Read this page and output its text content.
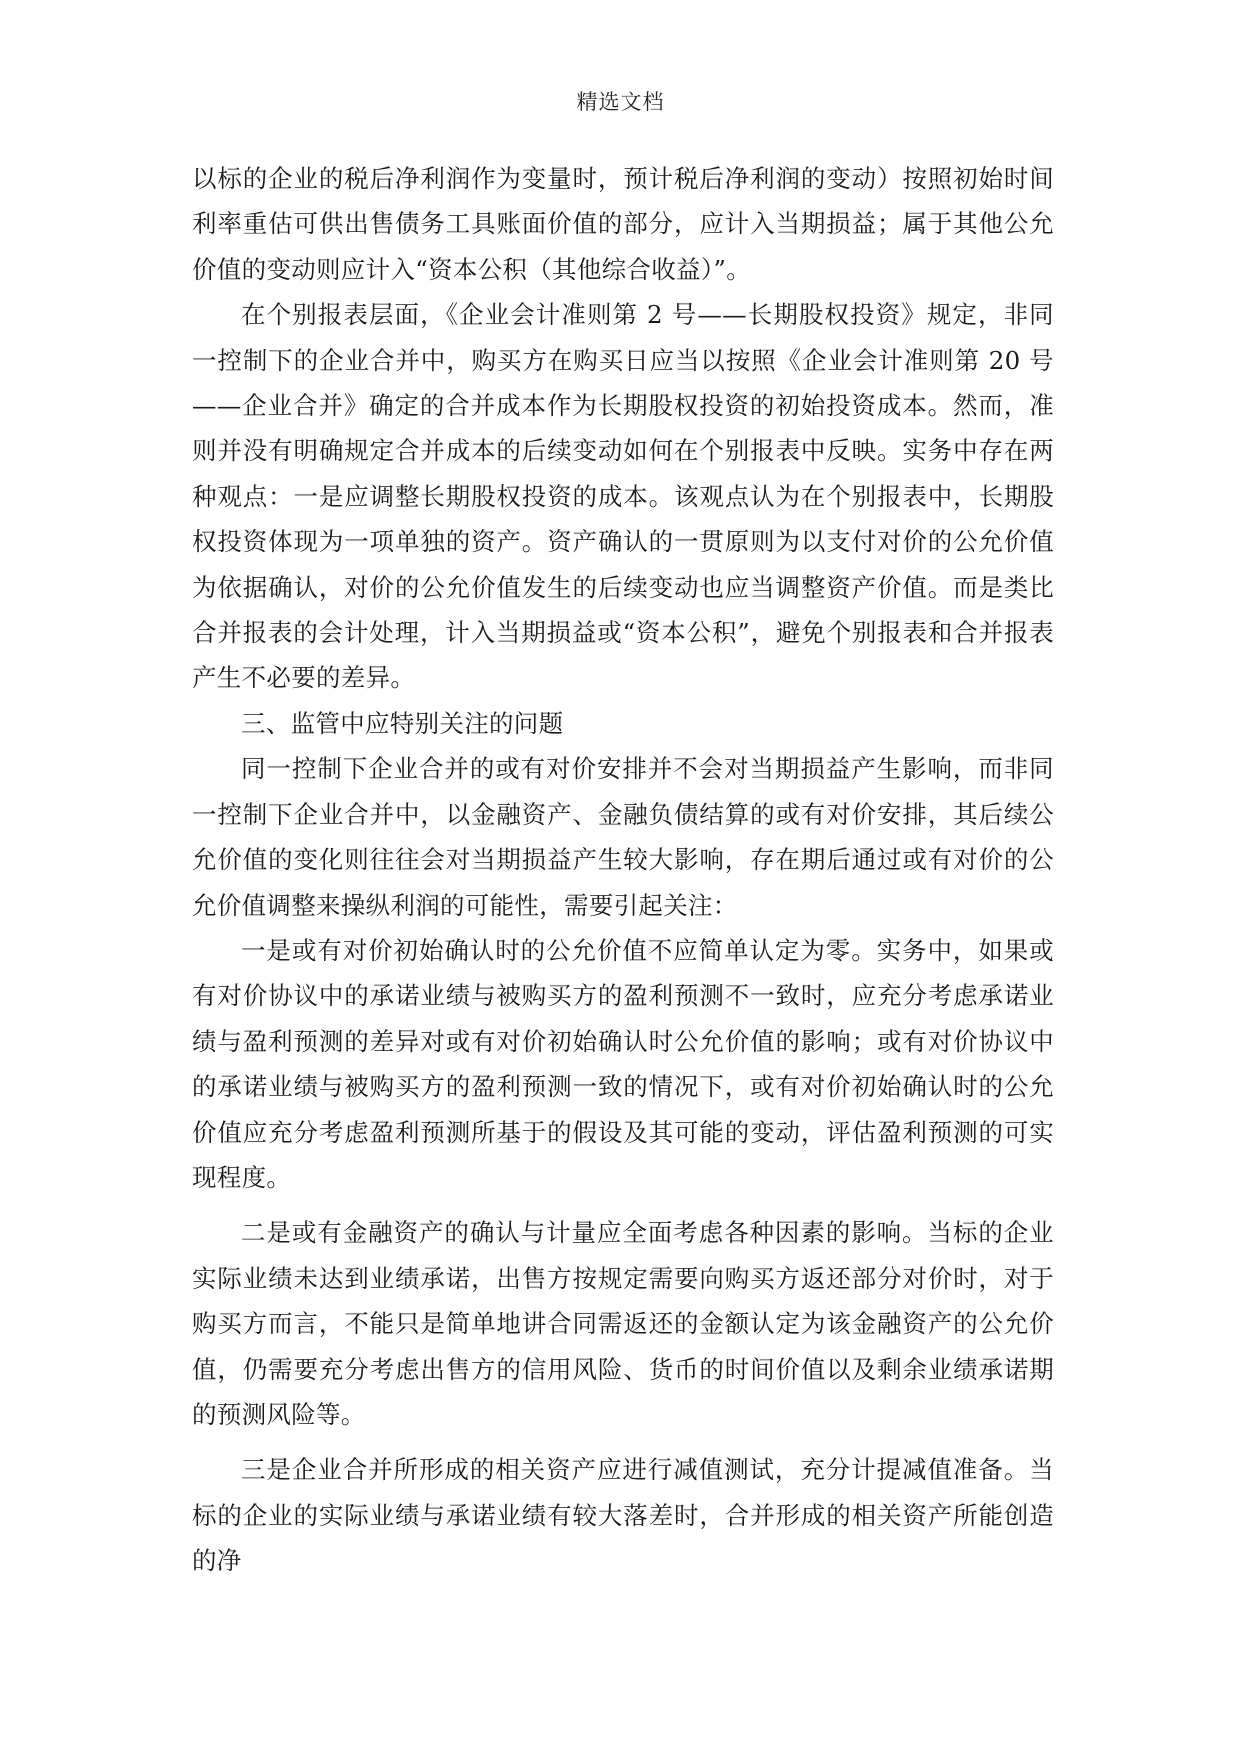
精选文档

以标的企业的税后净利润作为变量时，预计税后净利润的变动）按照初始时间利率重估可供出售债务工具账面价值的部分，应计入当期损益；属于其他公允价值的变动则应计入“资本公积（其他综合收益）”。

在个别报表层面，《企业会计准则第 2 号——长期股权投资》规定，非同一控制下的企业合并中，购买方在购买日应当以按照《企业会计准则第 20 号——企业合并》确定的合并成本作为长期股权投资的初始投资成本。然而，准则并没有明确规定合并成本的后续变动如何在个别报表中反映。实务中存在两种观点：一是应调整长期股权投资的成本。该观点认为在个别报表中，长期股权投资体现为一项单独的资产。资产确认的一贯原则为以支付对价的公允价值为依据确认，对价的公允价值发生的后续变动也应当调整资产价值。而是类比合并报表的会计处理，计入当期损益或“资本公积”，避免个别报表和合并报表产生不必要的差异。

三、监管中应特别关注的问题

同一控制下企业合并的或有对价安排并不会对当期损益产生影响，而非同一控制下企业合并中，以金融资产、金融负债结算的或有对价安排，其后续公允价值的变化则往往会对当期损益产生较大影响，存在期后通过或有对价的公允价值调整来操纵利润的可能性，需要引起关注：

一是或有对价初始确认时的公允价值不应简单认定为零。实务中，如果或有对价协议中的承诺业绩与被购买方的盈利预测不一致时，应充分考虑承诺业绩与盈利预测的差异对或有对价初始确认时公允价值的影响；或有对价协议中的承诺业绩与被购买方的盈利预测一致的情况下，或有对价初始确认时的公允价值应充分考虑盈利预测所基于的假设及其可能的变动，评估盈利预测的可实现程度。

二是或有金融资产的确认与计量应全面考虑各种因素的影响。当标的企业实际业绩未达到业绩承诺，出售方按规定需要向购买方返还部分对价时，对于购买方而言，不能只是简单地讲合同需返还的金额认定为该金融资产的公允价值，仍需要充分考虑出售方的信用风险、货币的时间价值以及剩余业绩承诺期的预测风险等。

三是企业合并所形成的相关资产应进行减值测试，充分计提减值准备。当标的企业的实际业绩与承诺业绩有较大落差时，合并形成的相关资产所能创造的净
